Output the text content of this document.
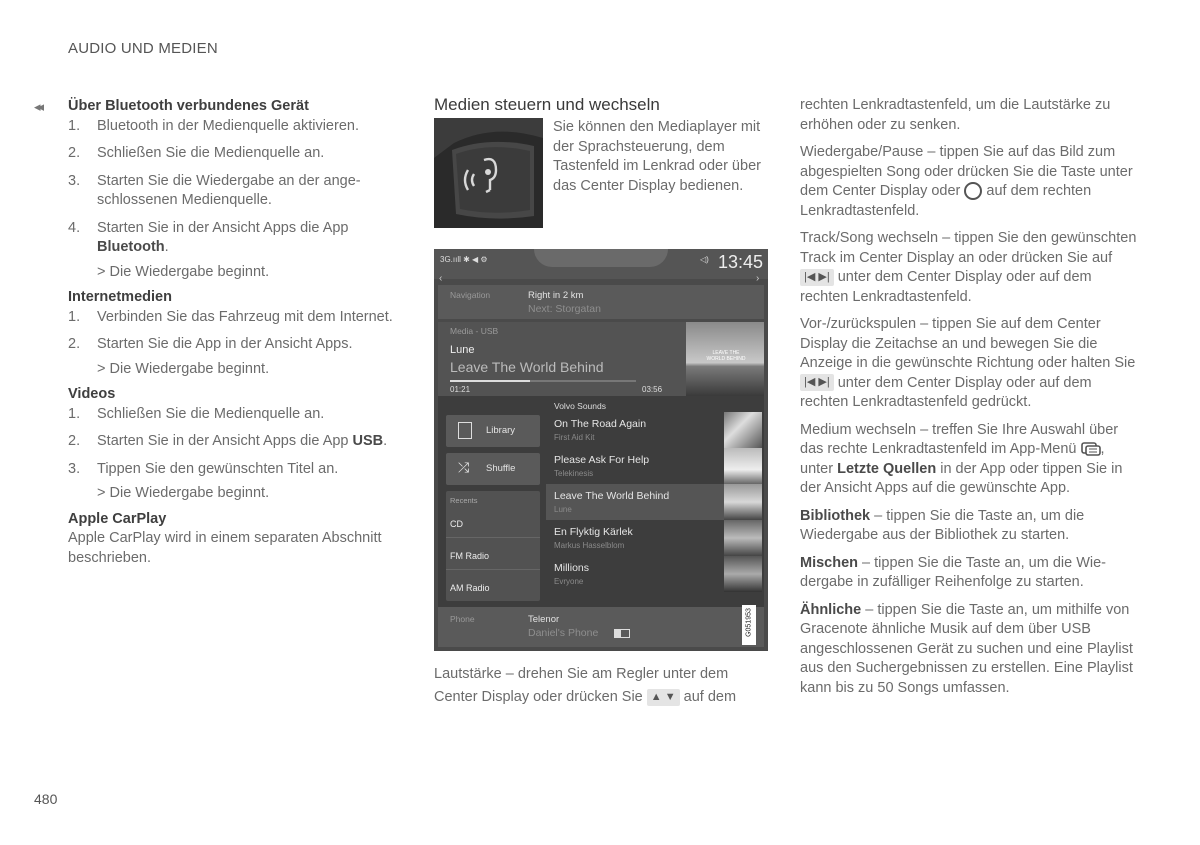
AUDIO UND MEDIEN
480
◂◂ Über Bluetooth verbundenes Gerät
1. Bluetooth in der Medienquelle aktivieren.
2. Schließen Sie die Medienquelle an.
3. Starten Sie die Wiedergabe an der angeschlossenen Medienquelle.
4. Starten Sie in der Ansicht Apps die App Bluetooth.
> Die Wiedergabe beginnt.
Internetmedien
1. Verbinden Sie das Fahrzeug mit dem Internet.
2. Starten Sie die App in der Ansicht Apps.
> Die Wiedergabe beginnt.
Videos
1. Schließen Sie die Medienquelle an.
2. Starten Sie in der Ansicht Apps die App USB.
3. Tippen Sie den gewünschten Titel an.
> Die Wiedergabe beginnt.
Apple CarPlay
Apple CarPlay wird in einem separaten Abschnitt beschrieben.
Medien steuern und wechseln
Sie können den Mediaplayer mit der Sprachsteuerung, dem Tastenfeld im Lenkrad oder über das Center Display bedienen.
3G.ııll ✱ ◀ ⚙	◁) 13:45
‹	›

Navigation	Right in 2 km
Next: Storgatan
Media - USB
Lune
Leave The World Behind
01:21	03:56
LEAVE THE WORLD BEHIND
Library
⤮ Shuffle
Recents
CD
FM Radio
AM Radio
Volvo Sounds
On The Road Again
First Aid Kit
Please Ask For Help
Telekinesis
Leave The World Behind
Lune
En Flyktig Kärlek
Markus Hasselblom
Millions
Evryone
Phone	Telenor
Daniel's Phone	G051953
Lautstärke – drehen Sie am Regler unter dem Center Display oder drücken Sie ▲ ▼ auf dem

rechten Lenkradtastenfeld, um die Lautstärke zu erhöhen oder zu senken.

Wiedergabe/Pause – tippen Sie auf das Bild zum abgespielten Song oder drücken Sie die Taste unter dem Center Display oder auf dem rechten Lenkradtastenfeld.

Track/Song wechseln – tippen Sie den gewünschten Track im Center Display an oder drücken Sie auf |◀ ▶| unter dem Center Display oder auf dem rechten Lenkradtastenfeld.

Vor-/zurückspulen – tippen Sie auf dem Center Display die Zeitachse an und bewegen Sie die Anzeige in die gewünschte Richtung oder halten Sie |◀ ▶| unter dem Center Display oder auf dem rechten Lenkradtastenfeld gedrückt.

Medium wechseln – treffen Sie Ihre Auswahl über das rechte Lenkradtastenfeld im App-Menü , unter Letzte Quellen in der App oder tippen Sie in der Ansicht Apps auf die gewünschte App.

Bibliothek – tippen Sie die Taste an, um die Wiedergabe aus der Bibliothek zu starten.

Mischen – tippen Sie die Taste an, um die Wiedergabe in zufälliger Reihenfolge zu starten.

Ähnliche – tippen Sie die Taste an, um mithilfe von Gracenote ähnliche Musik auf dem über USB angeschlossenen Gerät zu suchen und eine Playlist aus den Suchergebnissen zu erstellen. Eine Playlist kann bis zu 50 Songs umfassen.
